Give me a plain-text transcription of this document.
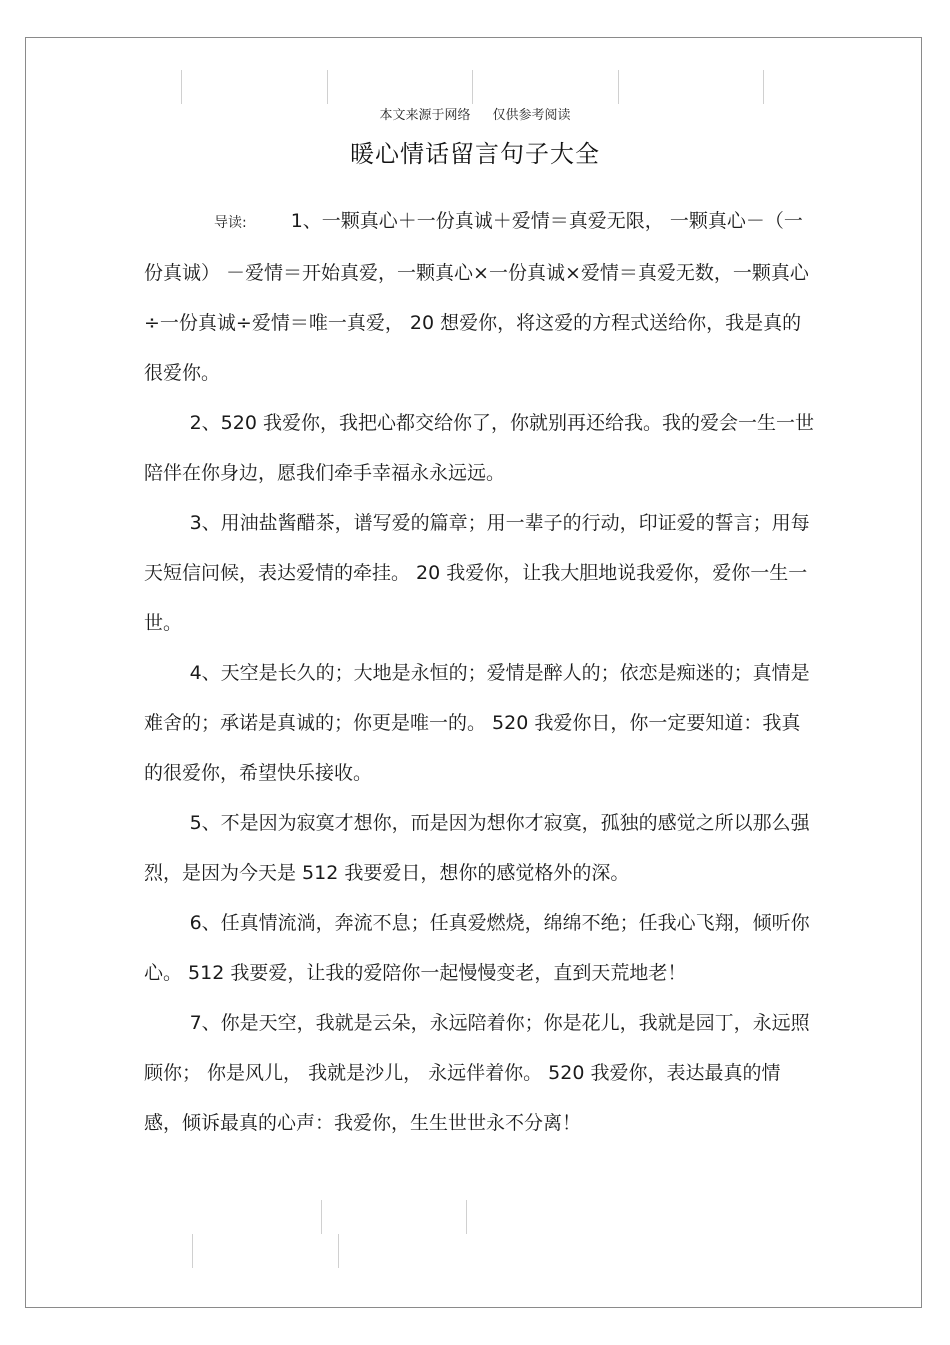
本文来源于网络 仅供参考阅读
暖心情话留言句子大全

导读: 1、一颗真心＋一份真诚＋爱情＝真爱无限， 一颗真心－（一份真诚） －爱情＝开始真爱，一颗真心×一份真诚×爱情＝真爱无数，一颗真心÷一份真诚÷爱情＝唯一真爱， 20 想爱你，将这爱的方程式送给你，我是真的很爱你。

2、520 我爱你，我把心都交给你了，你就别再还给我。我的爱会一生一世陪伴在你身边，愿我们牵手幸福永永远远。

3、用油盐酱醋茶，谱写爱的篇章；用一辈子的行动，印证爱的誓言；用每天短信问候，表达爱情的牵挂。 20 我爱你，让我大胆地说我爱你，爱你一生一世。

4、天空是长久的；大地是永恒的；爱情是醉人的；依恋是痴迷的；真情是难舍的；承诺是真诚的；你更是唯一的。 520 我爱你日，你一定要知道：我真的很爱你，希望快乐接收。

5、不是因为寂寞才想你，而是因为想你才寂寞，孤独的感觉之所以那么强烈，是因为今天是 512 我要爱日，想你的感觉格外的深。

6、任真情流淌，奔流不息；任真爱燃烧，绵绵不绝；任我心飞翔，倾听你心。 512 我要爱，让我的爱陪你一起慢慢变老，直到天荒地老！

7、你是天空，我就是云朵，永远陪着你；你是花儿，我就是园丁，永远照顾你； 你是风儿， 我就是沙儿， 永远伴着你。 520 我爱你，表达最真的情感，倾诉最真的心声：我爱你，生生世世永不分离！
